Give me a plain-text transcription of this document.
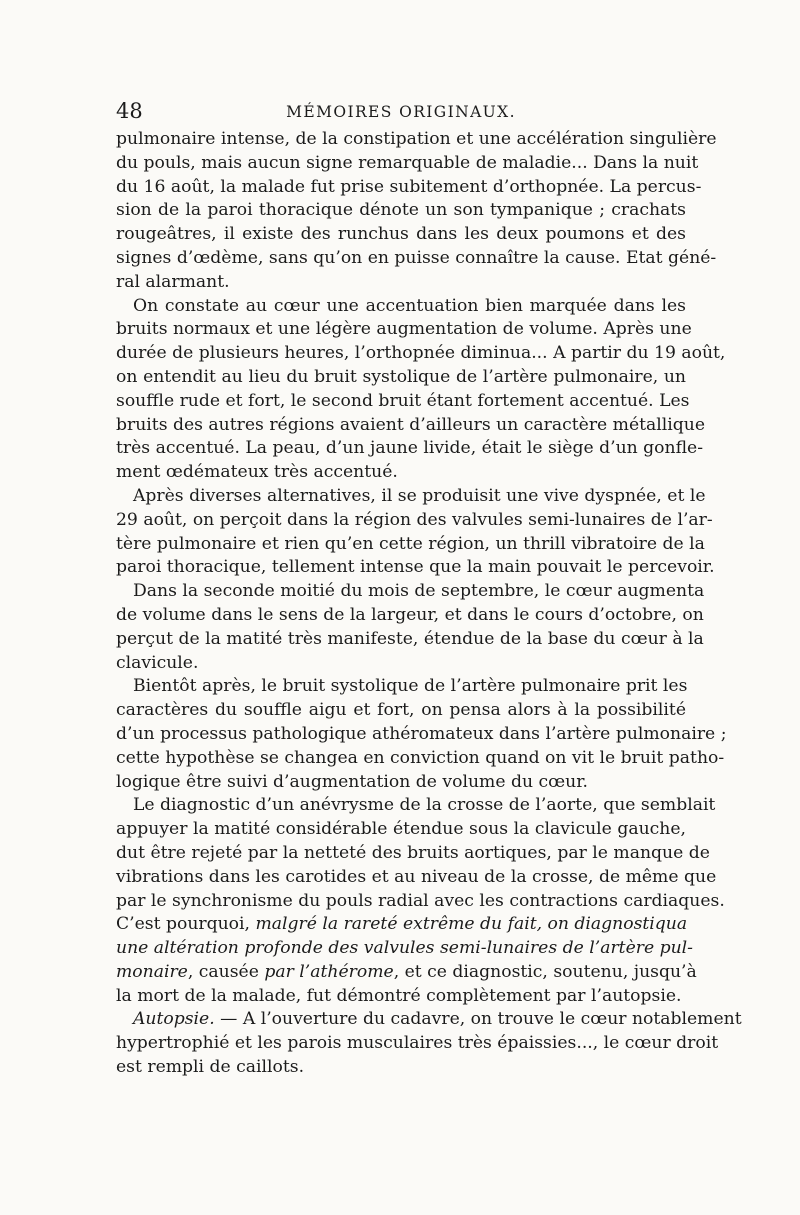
48	MÉMOIRES ORIGINAUX.
pulmonaire intense, de la constipation et une accélération singulière
du pouls, mais aucun signe remarquable de maladie... Dans la nuit
du 16 août, la malade fut prise subitement d’orthopnée. La percus-
sion de la paroi thoracique dénote un son tympanique ; crachats
rougeâtres, il existe des runchus dans les deux poumons et des
signes d’œdème, sans qu’on en puisse connaître la cause. Etat géné-
ral alarmant.
On constate au cœur une accentuation bien marquée dans les
bruits normaux et une légère augmentation de volume. Après une
durée de plusieurs heures, l’orthopnée diminua... A partir du 19 août,
on entendit au lieu du bruit systolique de l’artère pulmonaire, un
souffle rude et fort, le second bruit étant fortement accentué. Les
bruits des autres régions avaient d’ailleurs un caractère métallique
très accentué. La peau, d’un jaune livide, était le siège d’un gonfle-
ment œdémateux très accentué.
Après diverses alternatives, il se produisit une vive dyspnée, et le
29 août, on perçoit dans la région des valvules semi-lunaires de l’ar-
tère pulmonaire et rien qu’en cette région, un thrill vibratoire de la
paroi thoracique, tellement intense que la main pouvait le percevoir.
Dans la seconde moitié du mois de septembre, le cœur augmenta
de volume dans le sens de la largeur, et dans le cours d’octobre, on
perçut de la matité très manifeste, étendue de la base du cœur à la
clavicule.
Bientôt après, le bruit systolique de l’artère pulmonaire prit les
caractères du souffle aigu et fort, on pensa alors à la possibilité
d’un processus pathologique athéromateux dans l’artère pulmonaire ;
cette hypothèse se changea en conviction quand on vit le bruit patho-
logique être suivi d’augmentation de volume du cœur.
Le diagnostic d’un anévrysme de la crosse de l’aorte, que semblait
appuyer la matité considérable étendue sous la clavicule gauche,
dut être rejeté par la netteté des bruits aortiques, par le manque de
vibrations dans les carotides et au niveau de la crosse, de même que
par le synchronisme du pouls radial avec les contractions cardiaques.
C’est pourquoi, malgré la rareté extrême du fait, on diagnostiqua
une altération profonde des valvules semi-lunaires de l’artère pul-
monaire, causée par l’athérome, et ce diagnostic, soutenu, jusqu’à
la mort de la malade, fut démontré complètement par l’autopsie.
Autopsie. — A l’ouverture du cadavre, on trouve le cœur notablement
hypertrophié et les parois musculaires très épaissies..., le cœur droit
est rempli de caillots.
